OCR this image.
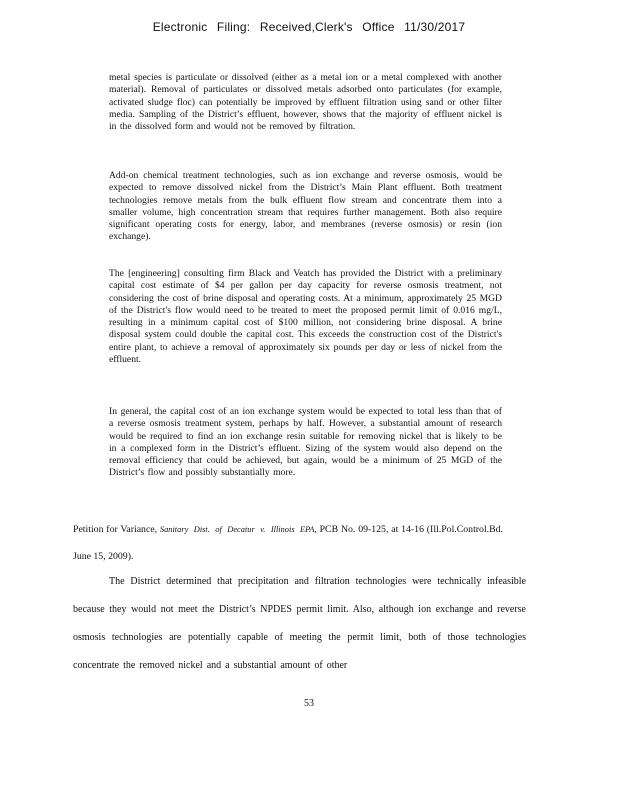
Electronic Filing: Received,Clerk's Office 11/30/2017

metal species is particulate or dissolved (either as a metal ion or a metal complexed with another material). Removal of particulates or dissolved metals adsorbed onto particulates (for example, activated sludge floc) can potentially be improved by effluent filtration using sand or other filter media. Sampling of the District’s effluent, however, shows that the majority of effluent nickel is in the dissolved form and would not be removed by filtration.

Add-on chemical treatment technologies, such as ion exchange and reverse osmosis, would be expected to remove dissolved nickel from the District’s Main Plant effluent. Both treatment technologies remove metals from the bulk effluent flow stream and concentrate them into a smaller volume, high concentration stream that requires further management. Both also require significant operating costs for energy, labor, and membranes (reverse osmosis) or resin (ion exchange).

The [engineering] consulting firm Black and Veatch has provided the District with a preliminary capital cost estimate of $4 per gallon per day capacity for reverse osmosis treatment, not considering the cost of brine disposal and operating costs. At a minimum, approximately 25 MGD of the District's flow would need to be treated to meet the proposed permit limit of 0.016 mg/L, resulting in a minimum capital cost of $100 million, not considering brine disposal. A brine disposal system could double the capital cost. This exceeds the construction cost of the District's entire plant, to achieve a removal of approximately six pounds per day or less of nickel from the effluent.

In general, the capital cost of an ion exchange system would be expected to total less than that of a reverse osmosis treatment system, perhaps by half. However, a substantial amount of research would be required to find an ion exchange resin suitable for removing nickel that is likely to be in a complexed form in the District’s effluent. Sizing of the system would also depend on the removal efficiency that could be achieved, but again, would be a minimum of 25 MGD of the District’s flow and possibly substantially more.

Petition for Variance, Sanitary Dist. of Decatur v. Illinois EPA, PCB No. 09-125, at 14-16 (Ill.Pol.Control.Bd. June 15, 2009).
The District determined that precipitation and filtration technologies were technically infeasible because they would not meet the District’s NPDES permit limit. Also, although ion exchange and reverse osmosis technologies are potentially capable of meeting the permit limit, both of those technologies concentrate the removed nickel and a substantial amount of other
53
